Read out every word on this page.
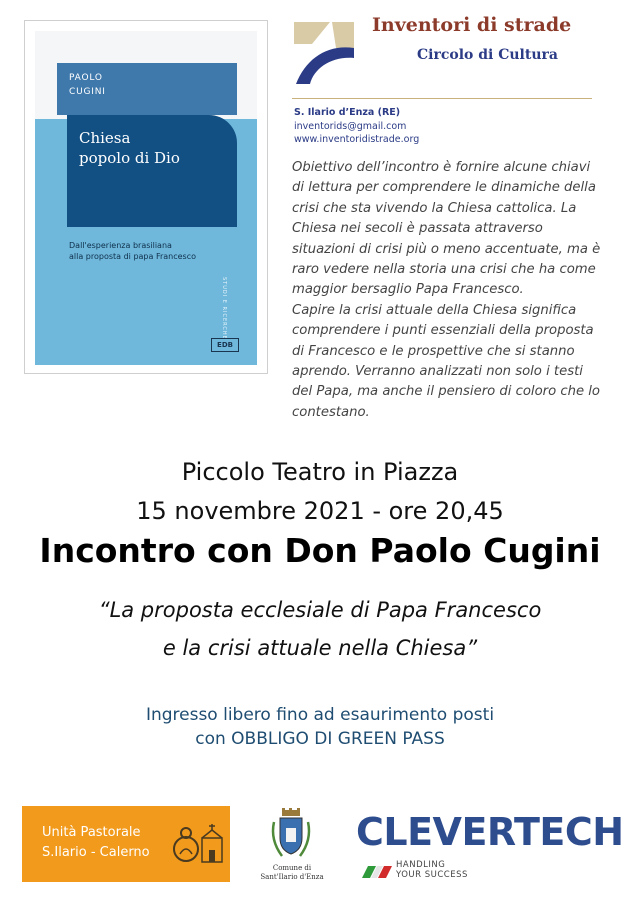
PAOLO
CUGINI
Chiesa
popolo di Dio
Dall'esperienza brasiliana
alla proposta di papa Francesco
STUDI E RICERCHE
EDB
Inventori di strade
Circolo di Cultura
S. Ilario d’Enza (RE)
inventorids@gmail.com
www.inventoridistrade.org

Obiettivo dell’incontro è fornire alcune chiavi di lettura per comprendere le dinamiche della crisi che sta vivendo la Chiesa cattolica. La Chiesa nei secoli è passata attraverso situazioni di crisi più o meno accentuate, ma è raro vedere nella storia una crisi che ha come maggior bersaglio Papa Francesco.

Capire la crisi attuale della Chiesa significa comprendere i punti essenziali della proposta di Francesco e le prospettive che si stanno aprendo. Verranno analizzati non solo i testi del Papa, ma anche il pensiero di coloro che lo contestano.

Piccolo Teatro in Piazza
15 novembre 2021 - ore 20,45
Incontro con Don Paolo Cugini
“La proposta ecclesiale di Papa Francesco
e la crisi attuale nella Chiesa”
Ingresso libero fino ad esaurimento posti
con OBBLIGO DI GREEN PASS
Unità Pastorale
S.Ilario - Calerno
Comune di
Sant'Ilario d'Enza
CLEVERTECH
HANDLING
YOUR SUCCESS
